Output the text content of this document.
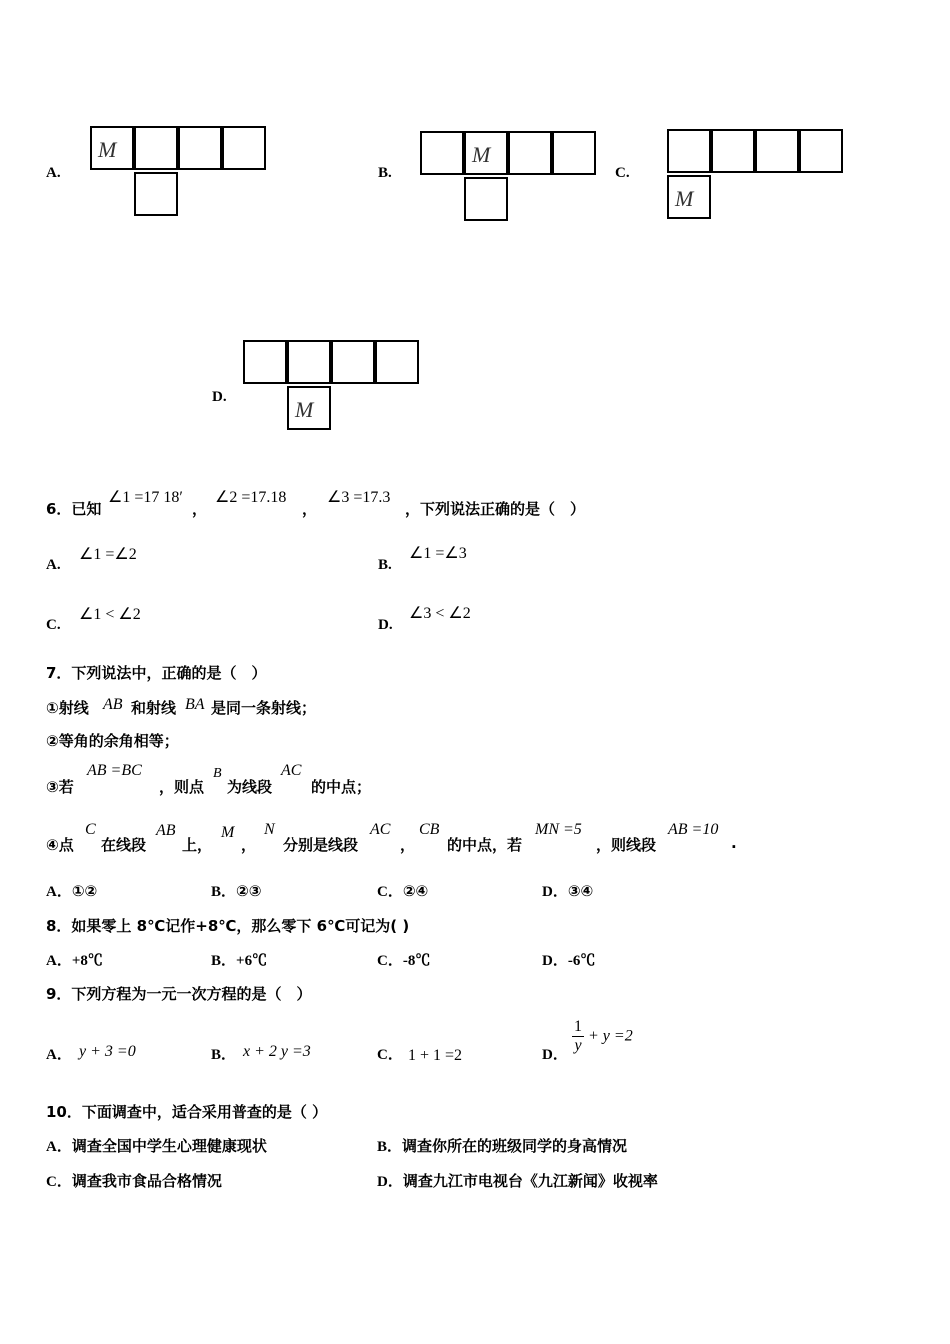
A.
M
B.
M
C.
M
D.	M
6．已知
∠1 =17 18′
，
∠2 =17.18
，
∠3 =17.3
，下列说法正确的是（　）
A.
∠1 =∠2
B.
∠1 =∠3
C.
∠1 < ∠2
D.
∠3 < ∠2
7．下列说法中，正确的是（　）
①射线 AB 和射线 BA 是同一条射线；
②等角的余角相等；
③若
AB =BC
，则点
B
为线段
AC
的中点；
④点
C
在线段
AB
上，
M
，
N
分别是线段
AC
，
CB
的中点，若
MN =5
，则线段
AB =10
.
A．①②	B．②③	C．②④	D．③④
8．如果零上 8℃记作+8℃，那么零下 6℃可记为( )
A．+8℃	B．+6℃	C．-8℃	D．-6℃
9．下列方程为一元一次方程的是（　）
A． y + 3 =0	B． x + 2 y =3	C． 1 + 1 =2	D． $\frac{1}{y} + y =2$
10．下面调查中，适合采用普查的是（ ）
A．调查全国中学生心理健康现状	B．调查你所在的班级同学的身高情况
C．调查我市食品合格情况	D．调查九江市电视台《九江新闻》收视率
